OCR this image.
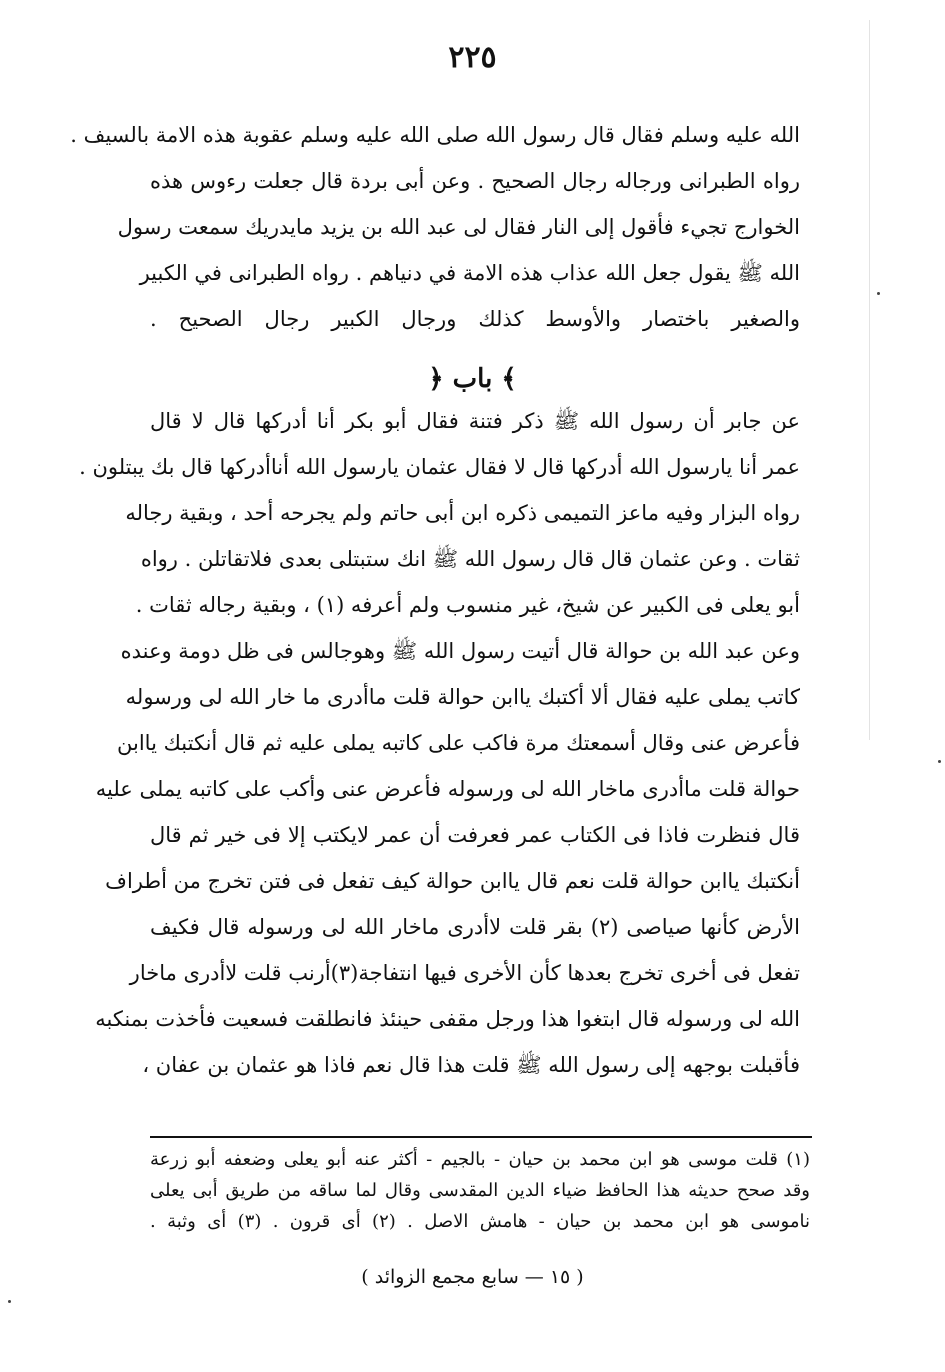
٢٢٥
الله عليه وسلم فقال قال رسول الله صلى الله عليه وسلم عقوبة هذه الامة بالسيف .
رواه الطبرانى ورجاله رجال الصحيح . وعن أبى بردة قال جعلت رءوس هذه
الخوارج تجيء فأقول إلى النار فقال لى عبد الله بن يزيد مايدريك سمعت رسول
الله ﷺ يقول جعل الله عذاب هذه الامة في دنياهم . رواه الطبرانى في الكبير
والصغير باختصار والأوسط كذلك ورجال الكبير رجال الصحيح .
﴿ باب ﴾
عن جابر أن رسول الله ﷺ ذكر فتنة فقال أبو بكر أنا أدركها قال لا قال
عمر أنا يارسول الله أدركها قال لا فقال عثمان يارسول الله أناأدركها قال بك يبتلون .
رواه البزار وفيه ماعز التميمى ذكره ابن أبى حاتم ولم يجرحه أحد ، وبقية رجاله
ثقات . وعن عثمان قال قال رسول الله ﷺ انك ستبتلى بعدى فلاتقاتلن . رواه
أبو يعلى فى الكبير عن شيخ، غير منسوب ولم أعرفه (١) ، وبقية رجاله ثقات .
وعن عبد الله بن حوالة قال أتيت رسول الله ﷺ وهوجالس فى ظل دومة وعنده
كاتب يملى عليه فقال ألا أكتبك ياابن حوالة قلت ماأدرى ما خار الله لى ورسوله
فأعرض عنى وقال أسمعتك مرة فاكب على كاتبه يملى عليه ثم قال أنكتبك ياابن
حوالة قلت ماأدرى ماخار الله لى ورسوله فأعرض عنى وأكب على كاتبه يملى عليه
قال فنظرت فاذا فى الكتاب عمر فعرفت أن عمر لايكتب إلا فى خير ثم قال
أنكتبك ياابن حوالة قلت نعم قال ياابن حوالة كيف تفعل فى فتن تخرج من أطراف
الأرض كأنها صياصى (٢) بقر قلت لاأدرى ماخار الله لى ورسوله قال فكيف
تفعل فى أخرى تخرج بعدها كأن الأخرى فيها انتفاجة(٣)أرنب قلت لاأدرى ماخار
الله لى ورسوله قال ابتغوا هذا ورجل مقفى حينئذ فانطلقت فسعيت فأخذت بمنكبه
فأقبلت بوجهه إلى رسول الله ﷺ قلت هذا قال نعم فاذا هو عثمان بن عفان ،
(١) قلت موسى هو ابن محمد بن حيان - بالجيم - أكثر عنه أبو يعلى وضعفه أبو زرعة
وقد صحح حديثه هذا الحافظ ضياء الدين المقدسى وقال لما ساقه من طريق أبى يعلى
ناموسى هو ابن محمد بن حيان - هامش الاصل . (٢) أى قرون . (٣) أى وثبة .
( ١٥ — سابع مجمع الزوائد )
